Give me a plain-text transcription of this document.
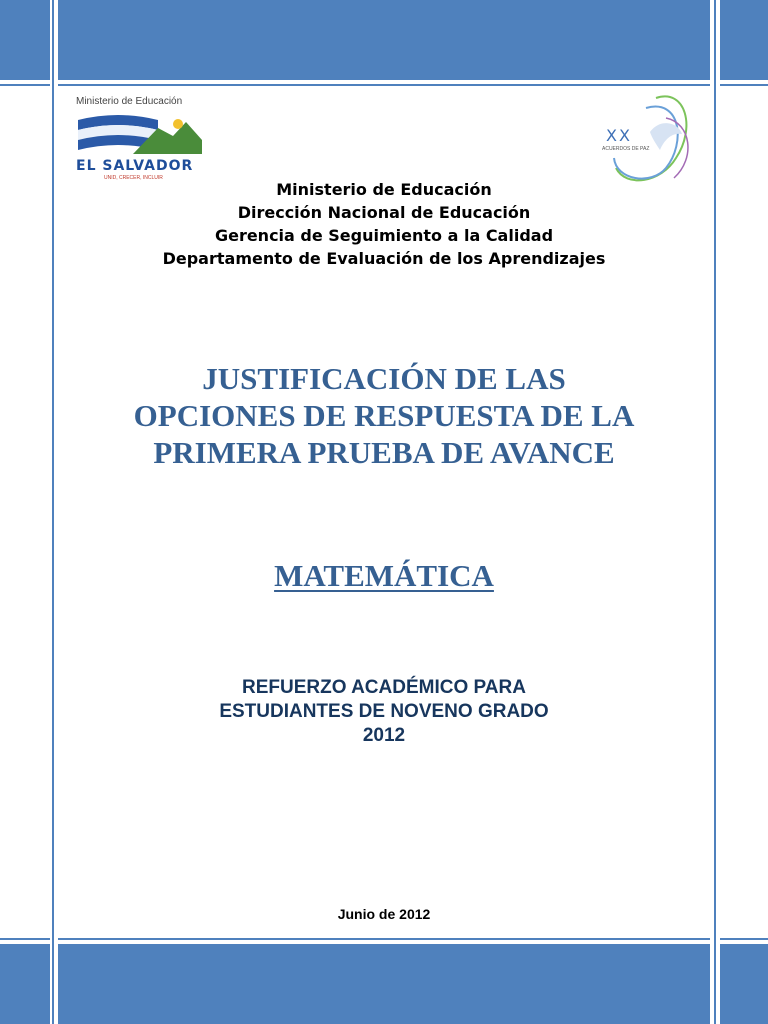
Ministerio de Educación
EL SALVADOR
UNID, CRECER, INCLUIR
XX
ACUERDOS DE PAZ
Ministerio de Educación
Dirección Nacional de Educación
Gerencia de Seguimiento a la Calidad
Departamento de Evaluación de los Aprendizajes
JUSTIFICACIÓN DE LAS
OPCIONES DE RESPUESTA DE LA
PRIMERA PRUEBA DE AVANCE
MATEMÁTICA
REFUERZO ACADÉMICO PARA
ESTUDIANTES DE NOVENO GRADO
2012
Junio de 2012
